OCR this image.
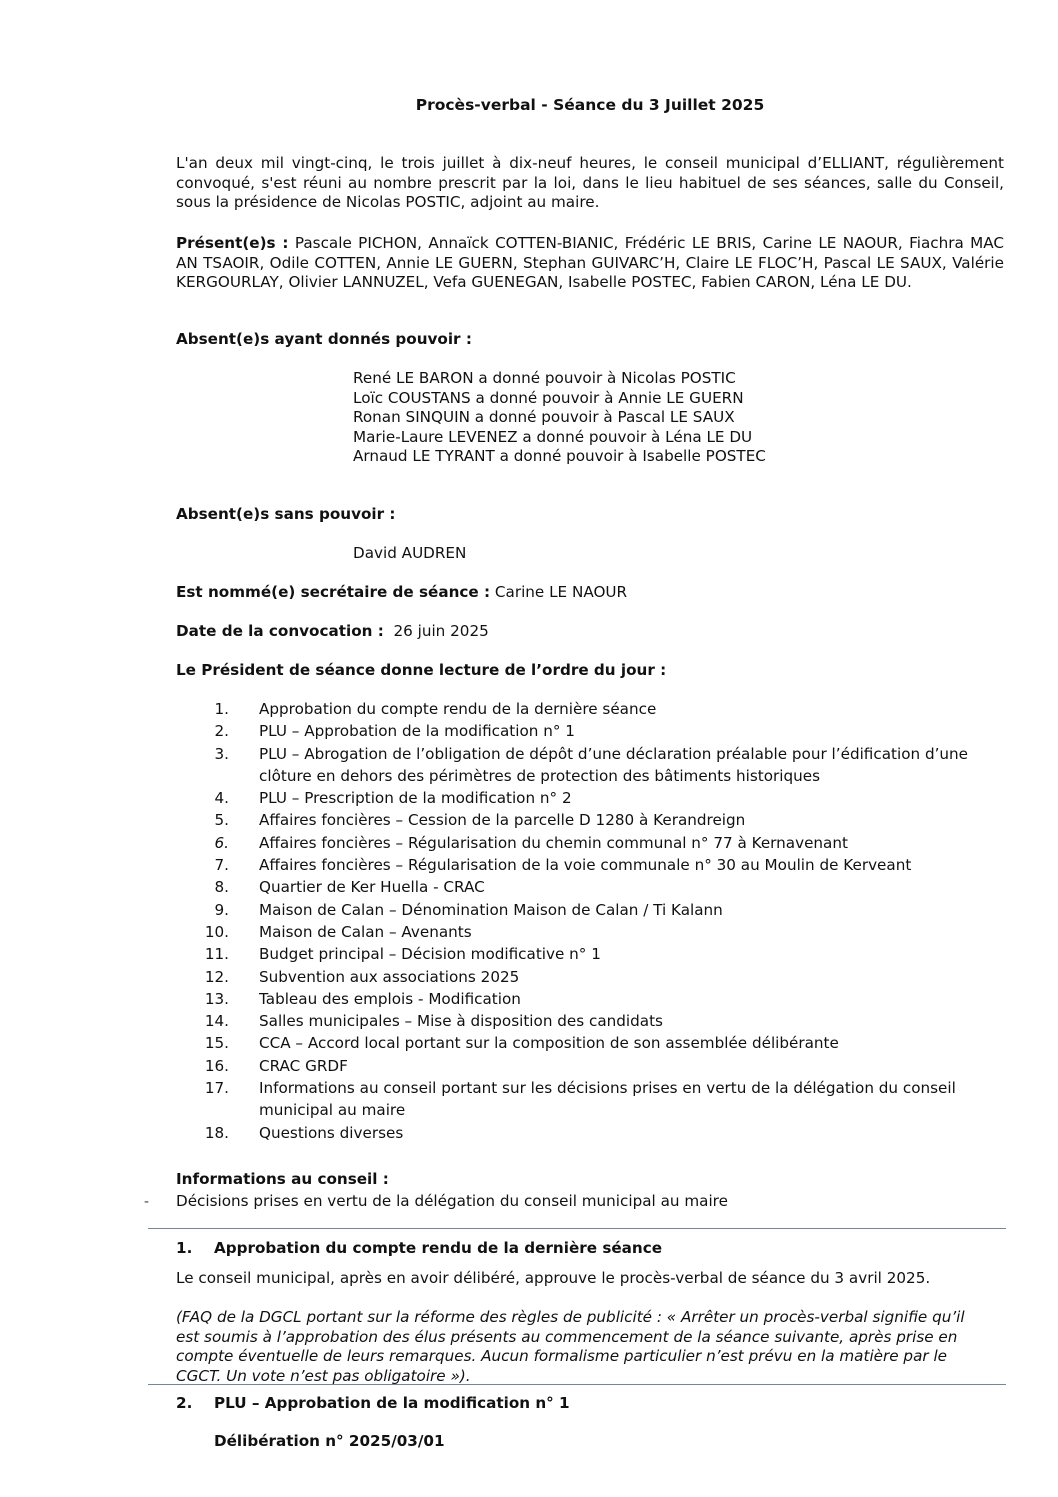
Procès-verbal - Séance du 3 Juillet 2025
L'an deux mil vingt-cinq, le trois juillet à dix-neuf heures, le conseil municipal d’ELLIANT, régulièrement convoqué, s'est réuni au nombre prescrit par la loi, dans le lieu habituel de ses séances, salle du Conseil, sous la présidence de Nicolas POSTIC, adjoint au maire.
Présent(e)s : Pascale PICHON, Annaïck COTTEN-BIANIC, Frédéric LE BRIS, Carine LE NAOUR, Fiachra MAC AN TSAOIR, Odile COTTEN, Annie LE GUERN, Stephan GUIVARC’H, Claire LE FLOC’H, Pascal LE SAUX, Valérie KERGOURLAY, Olivier LANNUZEL, Vefa GUENEGAN, Isabelle POSTEC, Fabien CARON, Léna LE DU.
Absent(e)s ayant donnés pouvoir :
René LE BARON a donné pouvoir à Nicolas POSTIC
Loïc COUSTANS a donné pouvoir à Annie LE GUERN
Ronan SINQUIN a donné pouvoir à Pascal LE SAUX
Marie-Laure LEVENEZ a donné pouvoir à Léna LE DU
Arnaud LE TYRANT a donné pouvoir à Isabelle POSTEC
Absent(e)s sans pouvoir :
David AUDREN
Est nommé(e) secrétaire de séance : Carine LE NAOUR
Date de la convocation :  26 juin 2025
Le Président de séance donne lecture de l’ordre du jour :
1. Approbation du compte rendu de la dernière séance
2. PLU – Approbation de la modification n° 1
3. PLU – Abrogation de l’obligation de dépôt d’une déclaration préalable pour l’édification d’une clôture en dehors des périmètres de protection des bâtiments historiques
4. PLU – Prescription de la modification n° 2
5. Affaires foncières – Cession de la parcelle D 1280 à Kerandreign
6. Affaires foncières – Régularisation du chemin communal n° 77 à Kernavenant
7. Affaires foncières – Régularisation de la voie communale n° 30 au Moulin de Kerveant
8. Quartier de Ker Huella - CRAC
9. Maison de Calan – Dénomination Maison de Calan / Ti Kalann
10. Maison de Calan – Avenants
11. Budget principal – Décision modificative n° 1
12. Subvention aux associations 2025
13. Tableau des emplois - Modification
14. Salles municipales – Mise à disposition des candidats
15. CCA – Accord local portant sur la composition de son assemblée délibérante
16. CRAC GRDF
17. Informations au conseil portant sur les décisions prises en vertu de la délégation du conseil municipal au maire
18. Questions diverses
Informations au conseil :
- Décisions prises en vertu de la délégation du conseil municipal au maire
1. Approbation du compte rendu de la dernière séance
Le conseil municipal, après en avoir délibéré, approuve le procès-verbal de séance du 3 avril 2025.
(FAQ de la DGCL portant sur la réforme des règles de publicité : « Arrêter un procès-verbal signifie qu’il est soumis à l’approbation des élus présents au commencement de la séance suivante, après prise en compte éventuelle de leurs remarques. Aucun formalisme particulier n’est prévu en la matière par le CGCT. Un vote n’est pas obligatoire »).
2. PLU – Approbation de la modification n° 1
Délibération n° 2025/03/01
